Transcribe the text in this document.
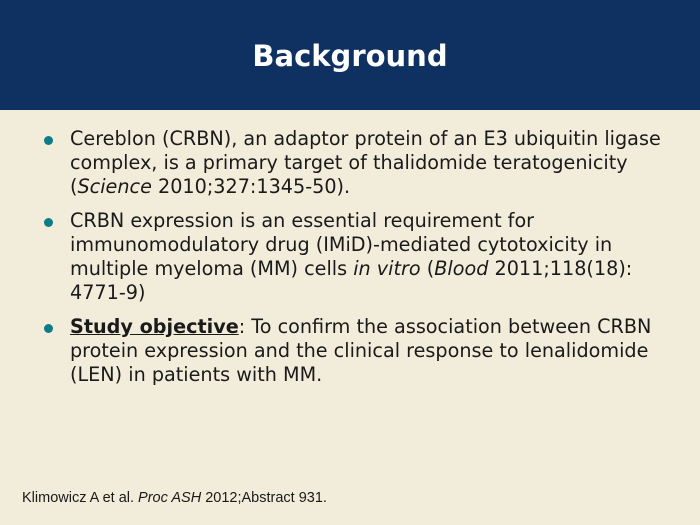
Background
Cereblon (CRBN), an adaptor protein of an E3 ubiquitin ligase complex, is a primary target of thalidomide teratogenicity (Science 2010;327:1345-50).
CRBN expression is an essential requirement for immunomodulatory drug (IMiD)-mediated cytotoxicity in multiple myeloma (MM) cells in vitro (Blood 2011;118(18): 4771-9)
Study objective: To confirm the association between CRBN protein expression and the clinical response to lenalidomide (LEN) in patients with MM.
Klimowicz A et al. Proc ASH 2012;Abstract 931.
